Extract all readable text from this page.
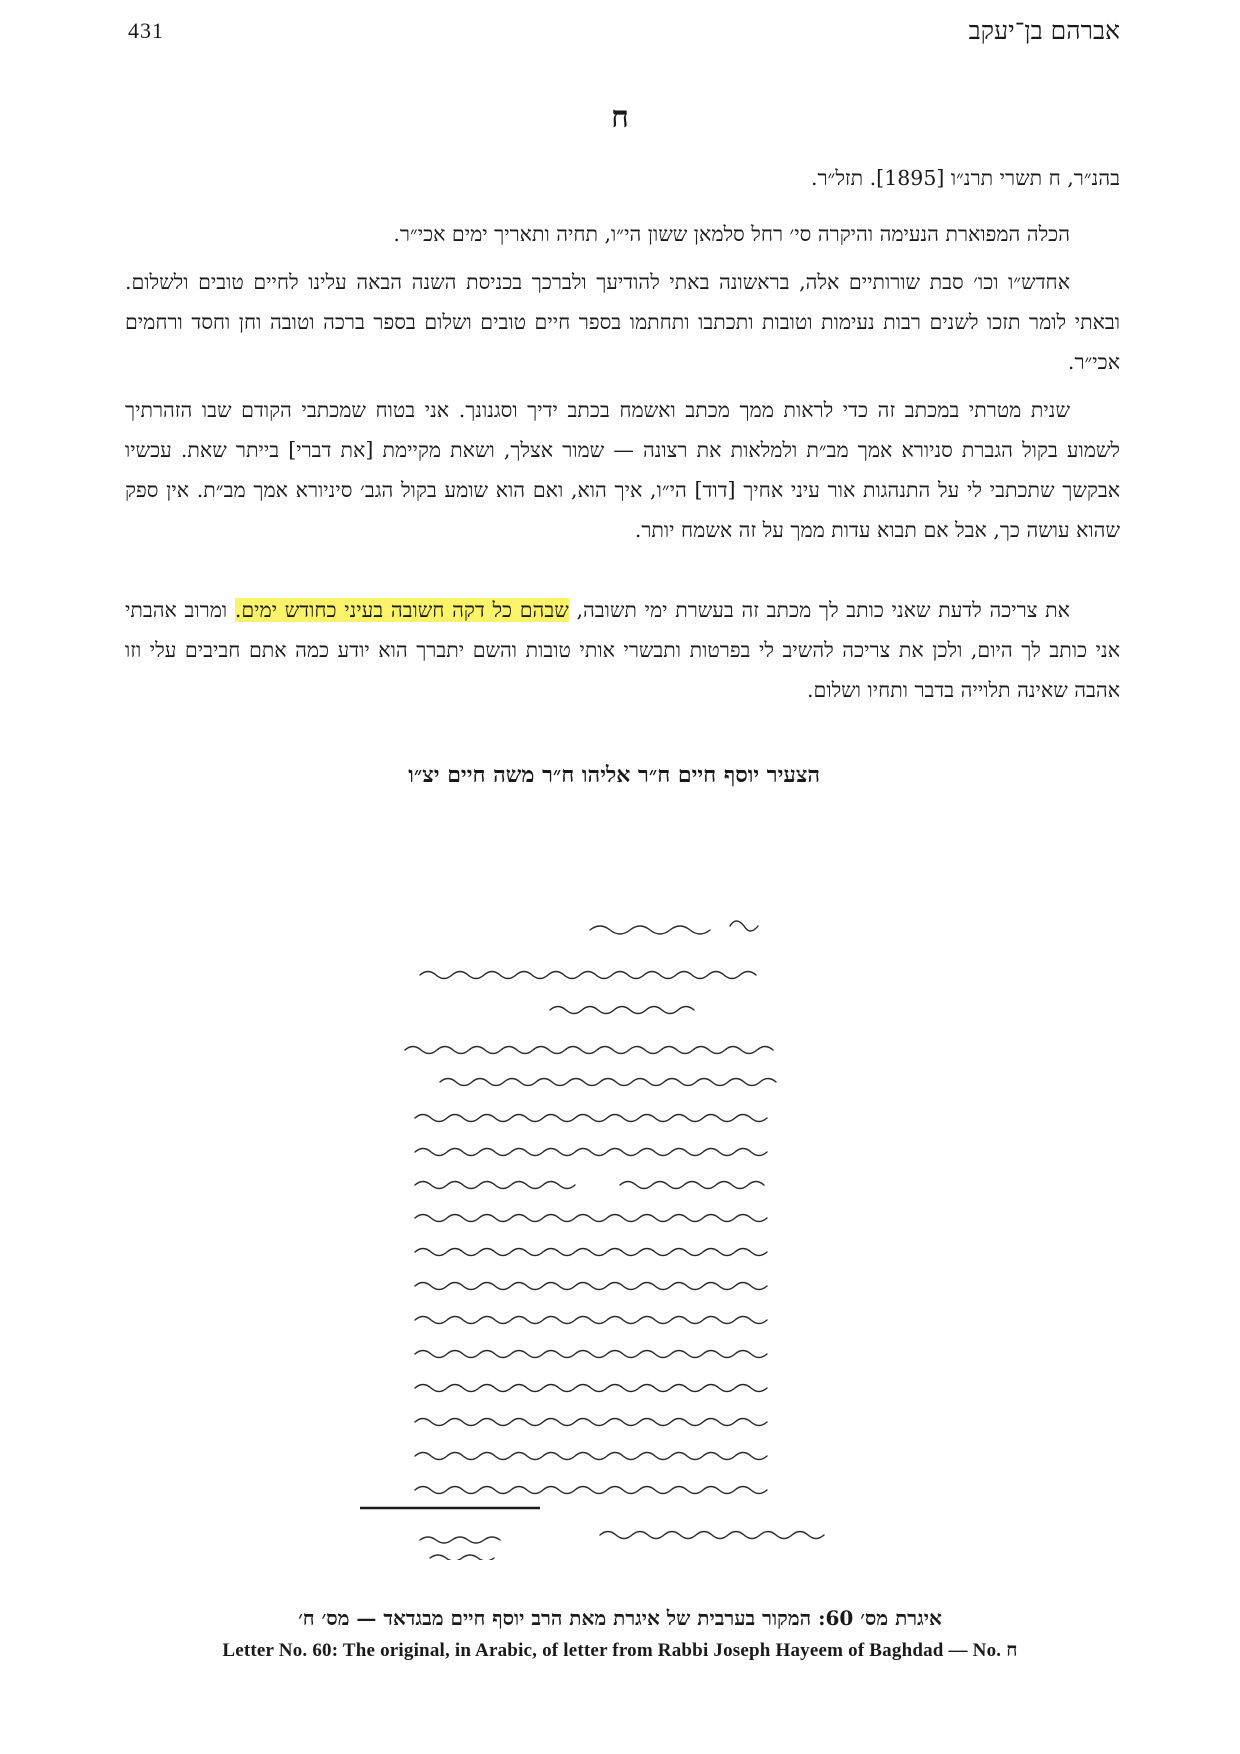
431	אברהם בן־יעקב
ח
בהנ״ר, ח תשרי תרנ״ו [1895]. תזל״ר.
הכלה המפוארת הנעימה והיקרה סי׳ רחל סלמאן ששון הי״ו, תחיה ותאריך ימים אכי״ר.

אחדש״ו וכו׳ סבת שורותיים אלה, בראשונה באתי להודיעך ולברכך בכניסת השנה הבאה עלינו לחיים טובים ולשלום. ובאתי לומר תזכו לשנים רבות נעימות וטובות ותכתבו ותחתמו בספר חיים טובים ושלום בספר ברכה וטובה וחן וחסד ורחמים אכי״ר.

שנית מטרתי במכתב זה כדי לראות ממך מכתב ואשמח בכתב ידיך וסגנונך. אני בטוח שמכתבי הקודם שבו הזהרתיך לשמוע בקול הגברת סניורא אמך מב״ת ולמלאות את רצונה — שמור אצלך, ושאת מקיימת [את דברי] בייתר שאת. עכשיו אבקשך שתכתבי לי על התנהגות אור עיני אחיך [דוד] הי״ו, איך הוא, ואם הוא שומע בקול הגב׳ סיניורא אמך מב״ת. אין ספק שהוא עושה כך, אבל אם תבוא עדות ממך על זה אשמח יותר.

את צריכה לדעת שאני כותב לך מכתב זה בעשרת ימי תשובה, שבהם כל דקה חשובה בעיני כחודש ימים. ומרוב אהבתי אני כותב לך היום, ולכן את צריכה להשיב לי בפרטות ותבשרי אותי טובות והשם יתברך הוא יודע כמה אתם חביבים עלי וזו אהבה שאינה תלוייה בדבר ותחיו ושלום.

הצעיר יוסף חיים ח״ר אליהו ח״ר משה חיים יצ״ו
איגרת מס׳ 60: המקור בערבית של איגרת מאת הרב יוסף חיים מבגדאד — מס׳ ח׳
Letter No. 60: The original, in Arabic, of letter from Rabbi Joseph Hayeem of Baghdad — No. ח
